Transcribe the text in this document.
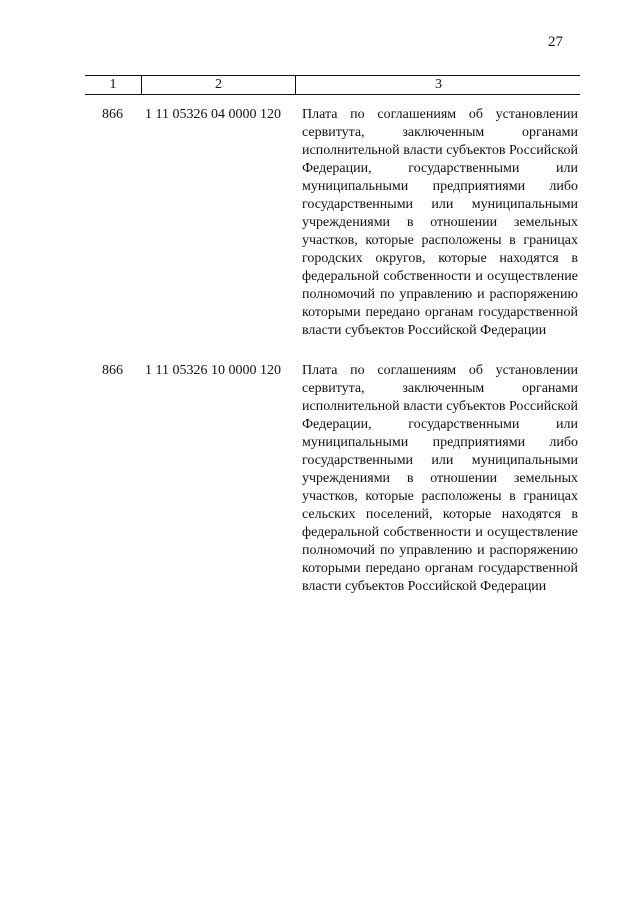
27
1	2	3
866 1 11 05326 04 0000 120 Плата по соглашениям об установлении сервитута, заключенным органами исполнительной власти субъектов Российской Федерации, государственными или муниципальными предприятиями либо государственными или муниципальными учреждениями в отношении земельных участков, которые расположены в границах городских округов, которые находятся в федеральной собственности и осуществление полномочий по управлению и распоряжению которыми передано органам государственной власти субъектов Российской Федерации
866 1 11 05326 10 0000 120 Плата по соглашениям об установлении сервитута, заключенным органами исполнительной власти субъектов Российской Федерации, государственными или муниципальными предприятиями либо государственными или муниципальными учреждениями в отношении земельных участков, которые расположены в границах сельских поселений, которые находятся в федеральной собственности и осуществление полномочий по управлению и распоряжению которыми передано органам государственной власти субъектов Российской Федерации
